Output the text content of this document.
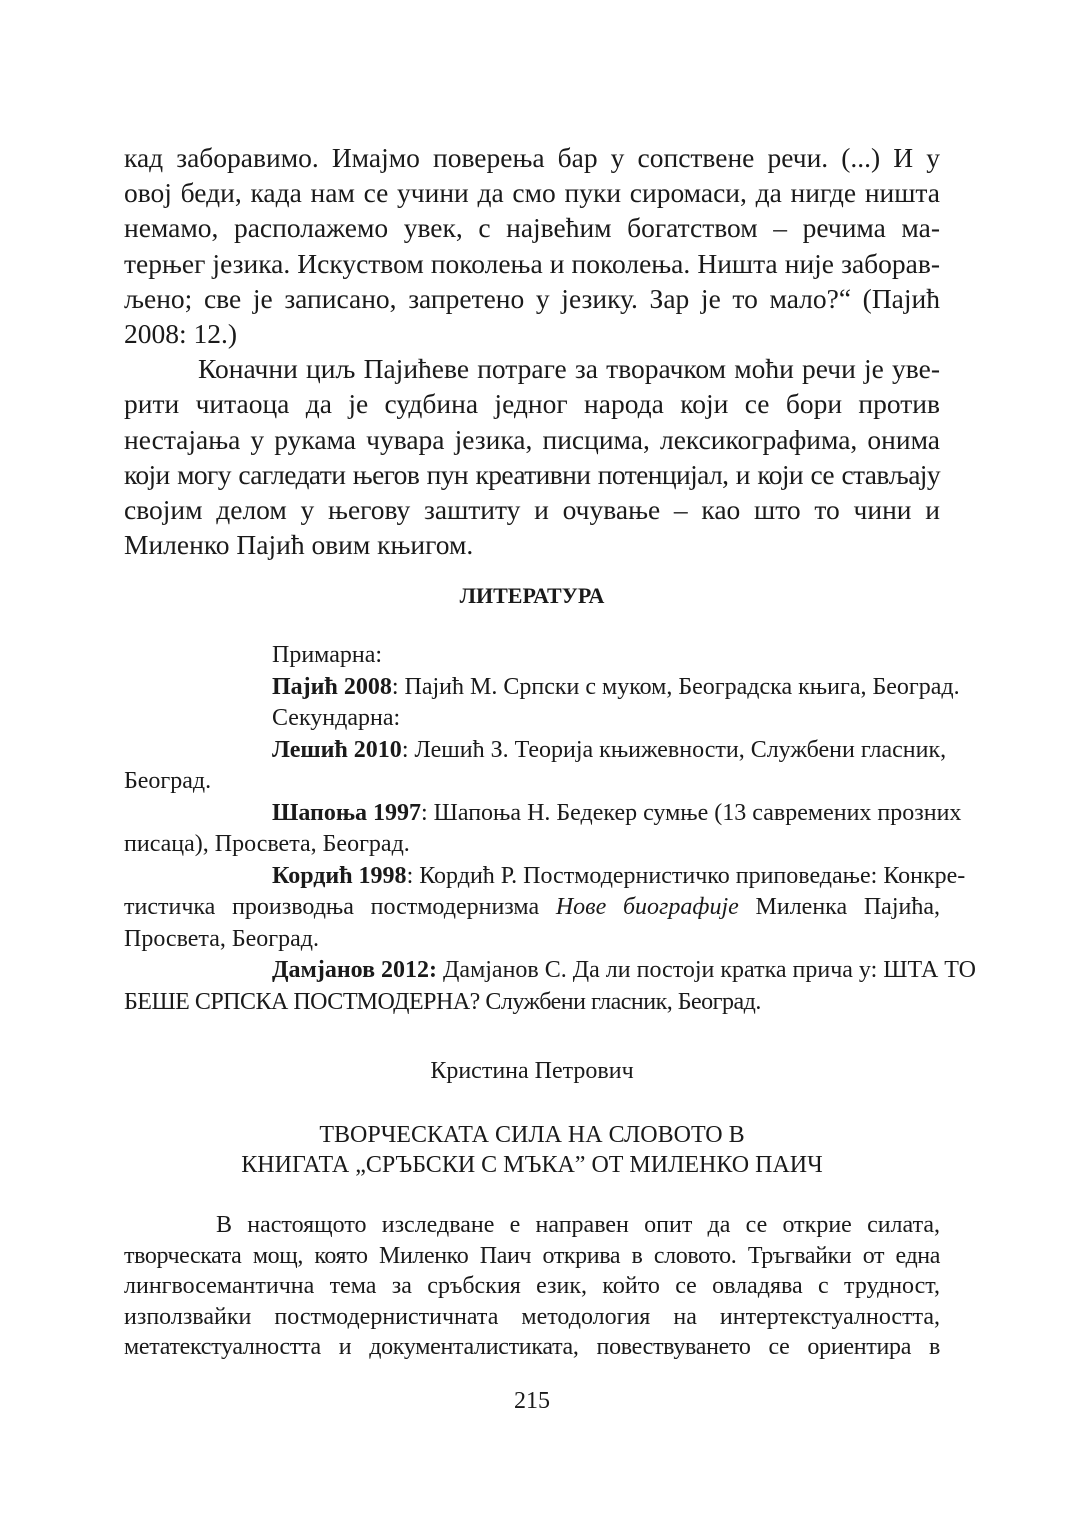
кад заборавимо. Имајмо поверења бар у сопствене речи. (...) И у
овој беди, када нам се учини да смо пуки сиромаси, да нигде ништа
немамо, располажемо увек, с највећим богатством – речима ма-
терњег језика. Искуством поколења и поколења. Ништа није заборав-
љено; све је записано, запретено у језику. Зар је то мало?“ (Пајић
2008: 12.)
Коначни циљ Пајићеве потраге за творачком моћи речи је уве-
рити читаоца да је судбина једног народа који се бори против
нестајања у рукама чувара језика, писцима, лексикографима, онима
који могу сагледати његов пун креативни потенцијал, и који се стављају
својим делом у његову заштиту и очување – као што то чини и
Миленко Пајић овим књигом.

ЛИТЕРАТУРА

Примарна:
Пајић 2008: Пајић М. Српски с муком, Београдска књига, Београд.
Секундарна:
Лешић 2010: Лешић З. Теорија књижевности, Службени гласник,
Београд.
Шапоња 1997: Шапоња Н. Бедекер сумње (13 савремених прозних
писаца), Просвета, Београд.
Кордић 1998: Кордић Р. Постмодернистичко приповедање: Конкре-
тистичка производња постмодернизма Нове биографије Миленка Пајића,
Просвета, Београд.
Дамјанов 2012: Дамјанов С. Да ли постоји кратка прича у: ШТА ТО
БЕШЕ СРПСКА ПОСТМОДЕРНА? Службени гласник, Београд.
Кристина Петрович
ТВОРЧЕСКАТА СИЛА НА СЛОВОТО В
КНИГАТА „СРЪБСКИ С МЪКА” ОТ МИЛЕНКО ПАИЧ
В настоящото изследване е направен опит да се открие силата,
творческата мощ, която Миленко Паич открива в словото. Тръгвайки от една
лингвосемантична тема за сръбския език, който се овладява с трудност,
използвайки постмодернистичната методология на интертекстуалността,
метатекстуалността и документалистиката, повествуването се ориентира в
215
